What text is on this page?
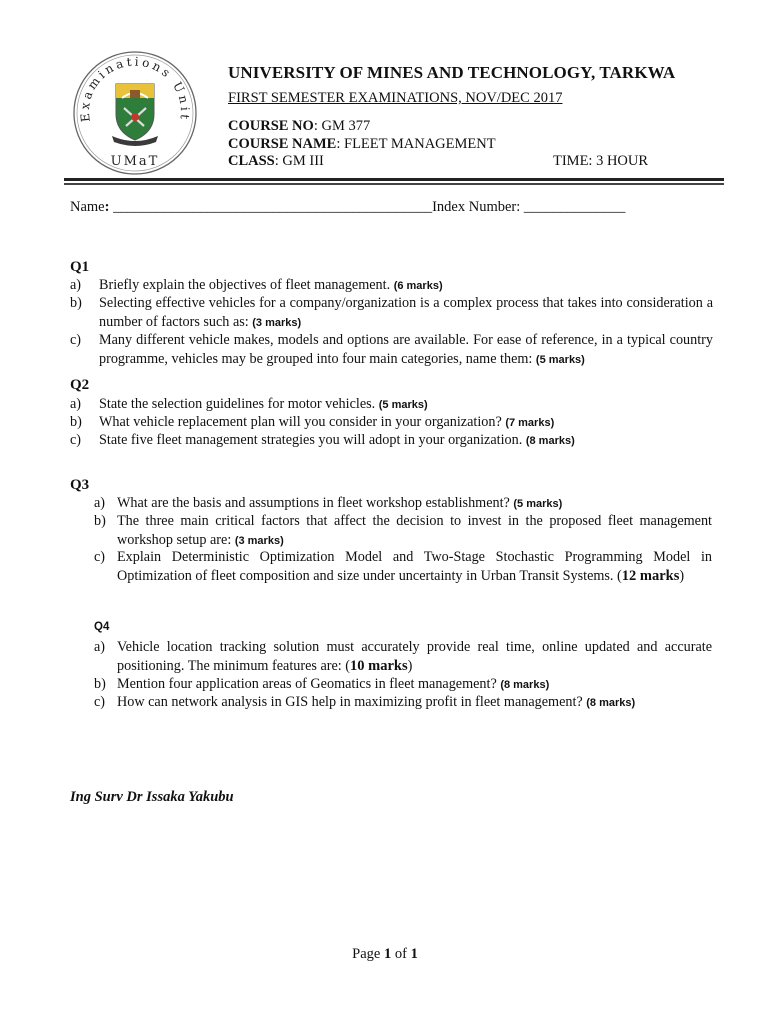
Examinations Unit
UMaT
UNIVERSITY OF MINES AND TECHNOLOGY, TARKWA
FIRST SEMESTER EXAMINATIONS, NOV/DEC 2017
COURSE NO: GM 377
COURSE NAME: FLEET MANAGEMENT
CLASS: GM III	TIME: 3 HOUR
Name: ____________________________________________Index Number: ______________
Q1
a) Briefly explain the objectives of fleet management. (6 marks)
b) Selecting effective vehicles for a company/organization is a complex process that takes into consideration a number of factors such as: (3 marks)
c) Many different vehicle makes, models and options are available. For ease of reference, in a typical country programme, vehicles may be grouped into four main categories, name them: (5 marks)
Q2
a) State the selection guidelines for motor vehicles. (5 marks)
b) What vehicle replacement plan will you consider in your organization? (7 marks)
c) State five fleet management strategies you will adopt in your organization. (8 marks)
Q3
a) What are the basis and assumptions in fleet workshop establishment? (5 marks)
b) The three main critical factors that affect the decision to invest in the proposed fleet management workshop setup are: (3 marks)
c) Explain Deterministic Optimization Model and Two-Stage Stochastic Programming Model in Optimization of fleet composition and size under uncertainty in Urban Transit Systems. (12 marks)
Q4
a) Vehicle location tracking solution must accurately provide real time, online updated and accurate positioning. The minimum features are: (10 marks)
b) Mention four application areas of Geomatics in fleet management? (8 marks)
c) How can network analysis in GIS help in maximizing profit in fleet management? (8 marks)
Ing Surv Dr Issaka Yakubu
Page 1 of 1
